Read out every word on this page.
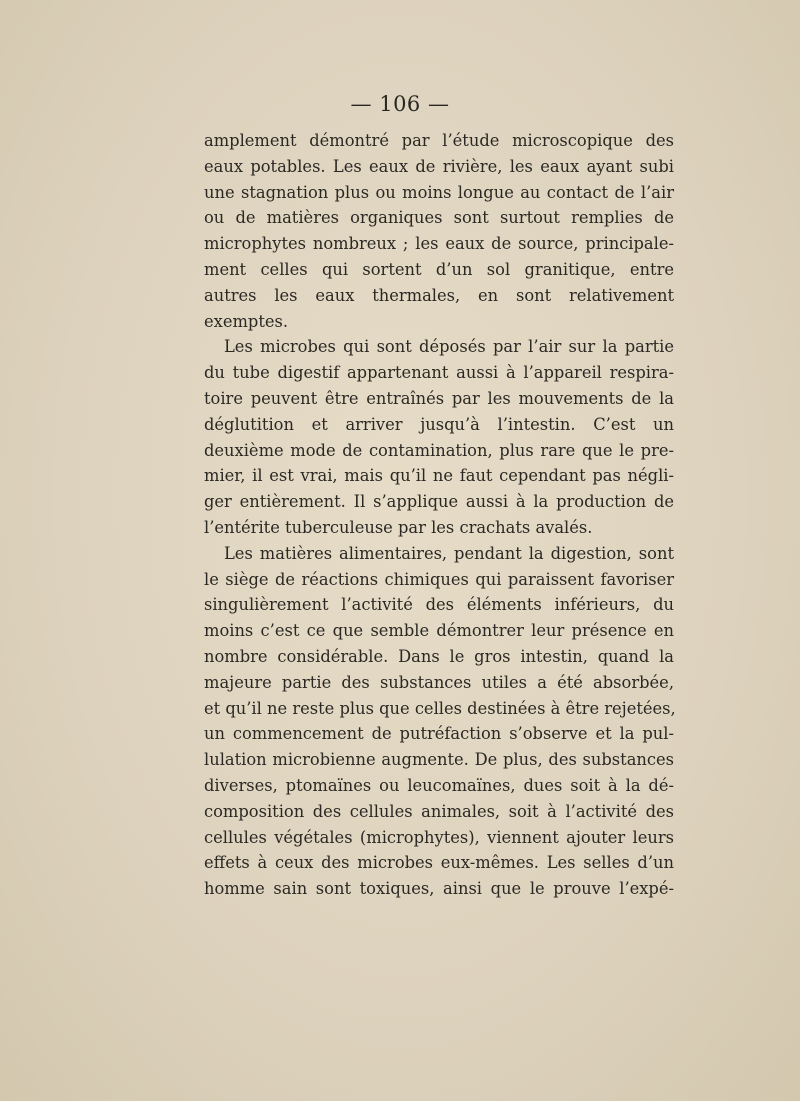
— 106 —
amplement démontré par l’étude microscopique des
eaux potables. Les eaux de rivière, les eaux ayant subi
une stagnation plus ou moins longue au contact de l’air
ou de matières organiques sont surtout remplies de
microphytes nombreux ; les eaux de source, principale-
ment celles qui sortent d’un sol granitique, entre
autres les eaux thermales, en sont relativement
exemptes.
Les microbes qui sont déposés par l’air sur la partie
du tube digestif appartenant aussi à l’appareil respira-
toire peuvent être entraînés par les mouvements de la
déglutition et arriver jusqu’à l’intestin. C’est un
deuxième mode de contamination, plus rare que le pre-
mier, il est vrai, mais qu’il ne faut cependant pas négli-
ger entièrement. Il s’applique aussi à la production de
l’entérite tuberculeuse par les crachats avalés.
Les matières alimentaires, pendant la digestion, sont
le siège de réactions chimiques qui paraissent favoriser
singulièrement l’activité des éléments inférieurs, du
moins c’est ce que semble démontrer leur présence en
nombre considérable. Dans le gros intestin, quand la
majeure partie des substances utiles a été absorbée,
et qu’il ne reste plus que celles destinées à être rejetées,
un commencement de putréfaction s’observe et la pul-
lulation microbienne augmente. De plus, des substances
diverses, ptomaïnes ou leucomaïnes, dues soit à la dé-
composition des cellules animales, soit à l’activité des
cellules végétales (microphytes), viennent ajouter leurs
effets à ceux des microbes eux-mêmes. Les selles d’un
homme sain sont toxiques, ainsi que le prouve l’expé-
